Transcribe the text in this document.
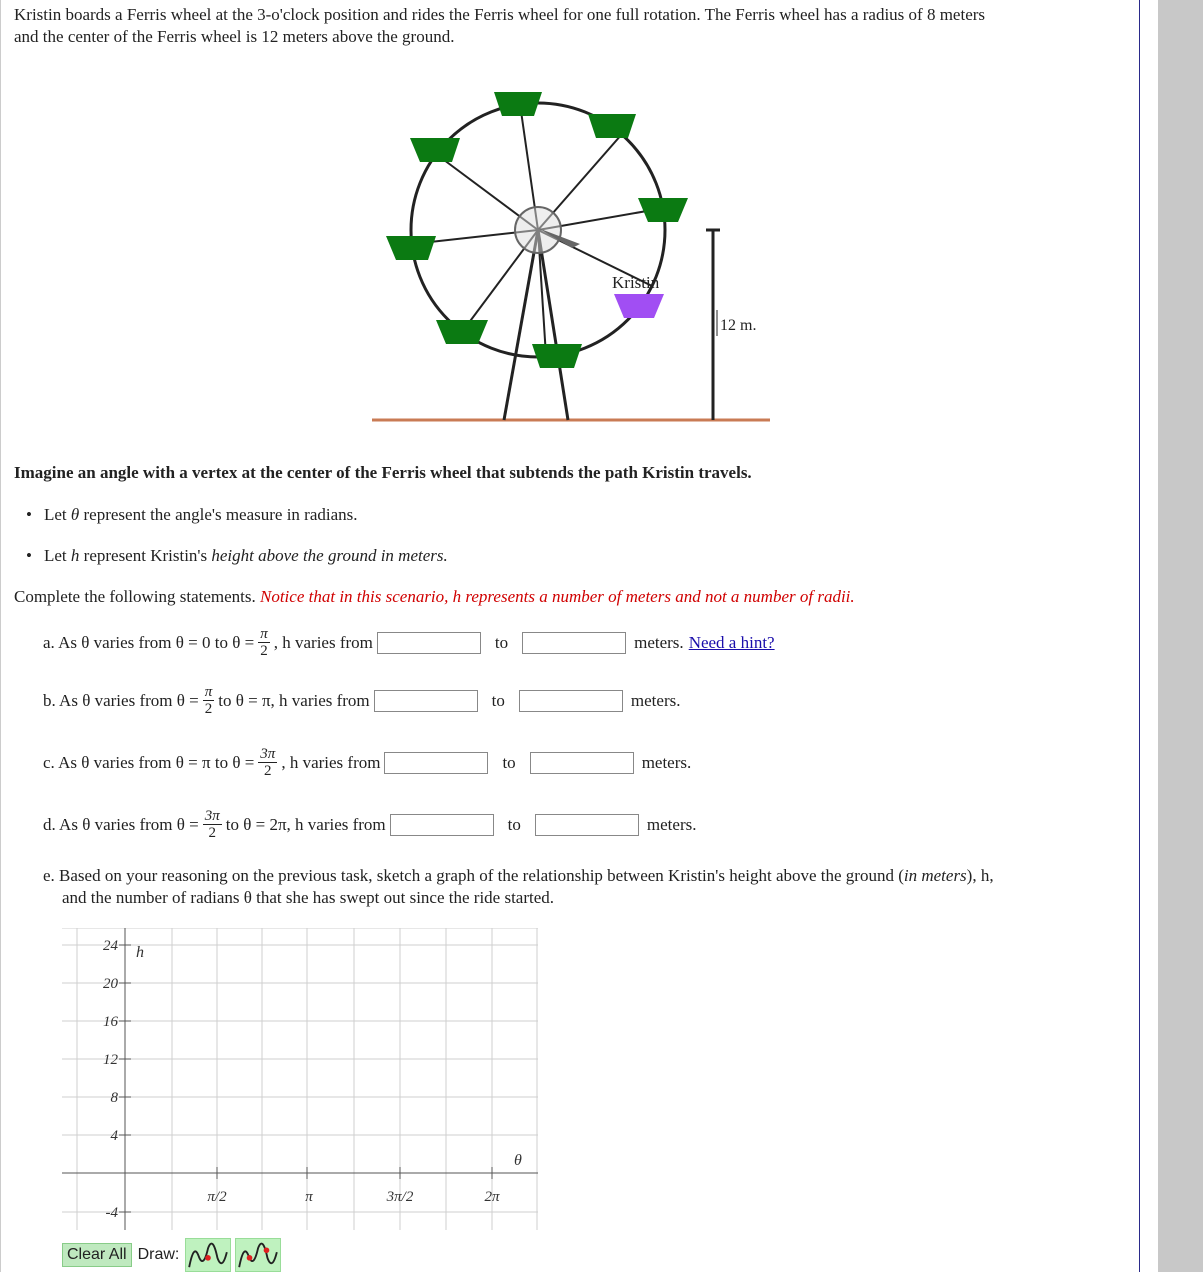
Kristin boards a Ferris wheel at the 3-o'clock position and rides the Ferris wheel for one full rotation. The Ferris wheel has a radius of 8 meters
and the center of the Ferris wheel is 12 meters above the ground.
Kristin
12 m.
Imagine an angle with a vertex at the center of the Ferris wheel that subtends the path Kristin travels.
• Let θ represent the angle's measure in radians.
• Let h represent Kristin's height above the ground in meters.
Complete the following statements. Notice that in this scenario, h represents a number of meters and not a number of radii.
a. As θ varies from θ = 0 to $\theta = \frac{\pi}{2}$ , h varies from	to	meters. Need a hint?
b. As θ varies from $\theta = \frac{\pi}{2}$ to θ = π, h varies from	to	meters.
c. As θ varies from θ = π to $\theta = \frac{3\pi}{2}$ , h varies from	to	meters.
d. As θ varies from $\theta = \frac{3\pi}{2}$ to θ = 2π, h varies from	to	meters.
e. Based on your reasoning on the previous task, sketch a graph of the relationship between Kristin's height above the ground (in meters), h,
and the number of radians θ that she has swept out since the ride started.
24
20
16
12
8
4
-4
π/2	π	3π/2	2π
h
θ
Clear All Draw:
